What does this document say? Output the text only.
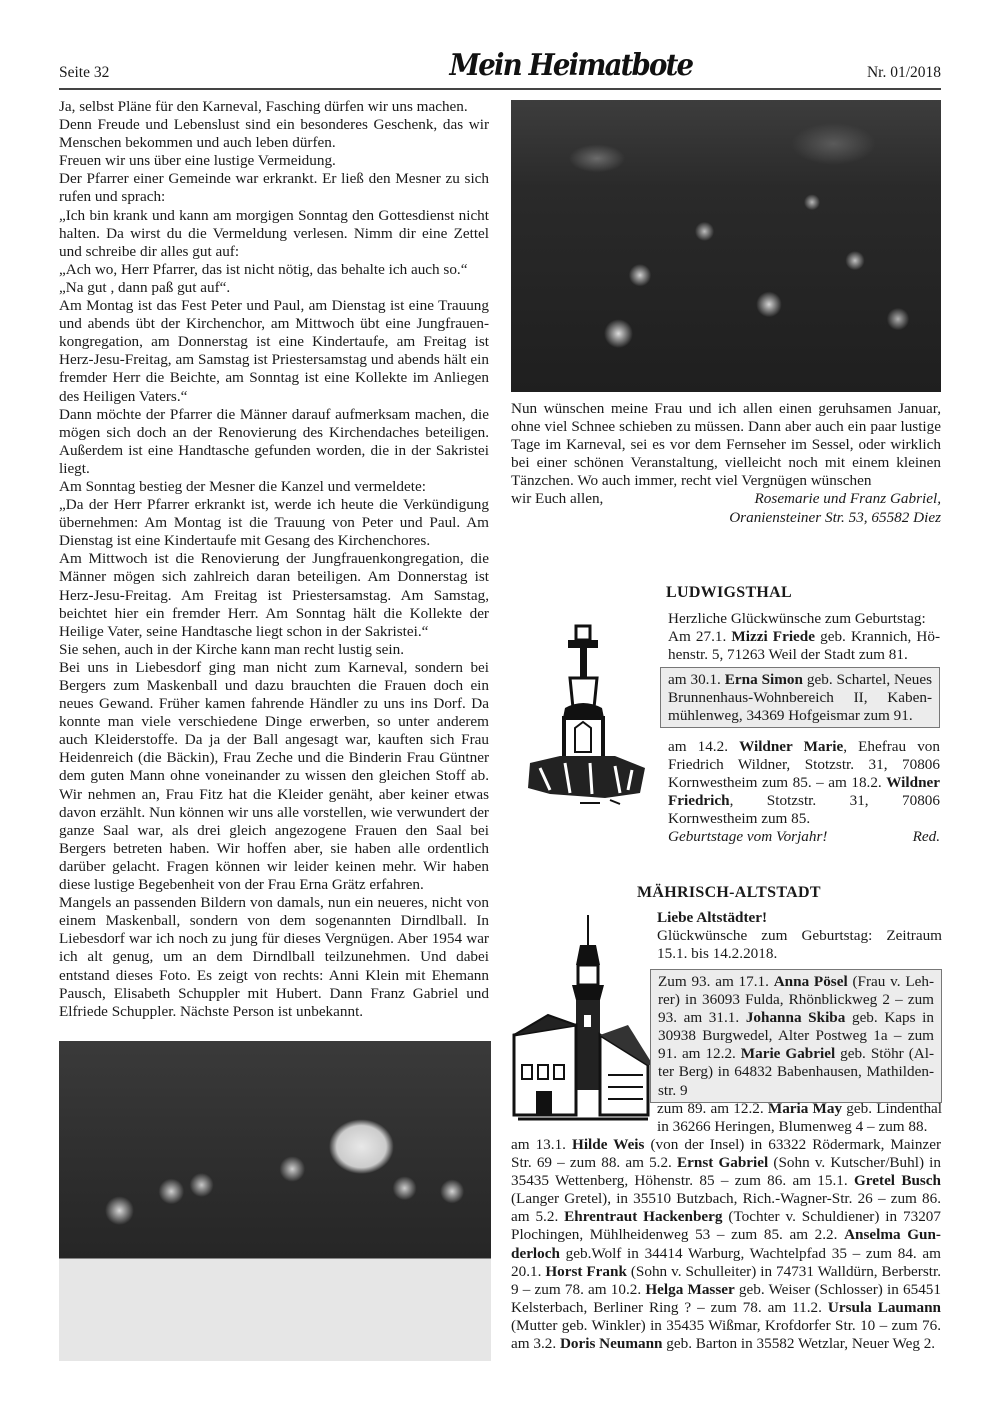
Seite 32	Mein Heimatbote	Nr. 01/2018

Ja, selbst Pläne für den Karneval, Fasching dürfen wir uns machen.

Denn Freude und Lebenslust sind ein besonderes Geschenk, das wir Menschen bekommen und auch leben dürfen.

Freuen wir uns über eine lustige Vermeidung.

Der Pfarrer einer Gemeinde war erkrankt. Er ließ den Mesner zu sich rufen und sprach:

„Ich bin krank und kann am morgigen Sonntag den Gottesdienst nicht halten. Da wirst du die Vermeldung verlesen. Nimm dir eine Zettel und schreibe dir alles gut auf:

„Ach wo, Herr Pfarrer, das ist nicht nötig, das behalte ich auch so.“

„Na gut , dann paß gut auf“.

Am Montag ist das Fest Peter und Paul, am Dienstag ist eine Trauung und abends übt der Kirchenchor, am Mittwoch übt eine Jungfrauenkongregation, am Donnerstag ist eine Kindertaufe, am Freitag ist Herz-Jesu-Freitag, am Samstag ist Priestersamstag und abends hält ein fremder Herr die Beichte, am Sonntag ist eine Kollekte im Anliegen des Heiligen Vaters.“

Dann möchte der Pfarrer die Männer darauf aufmerksam machen, die mögen sich doch an der Renovierung des Kirchendaches beteiligen. Außerdem ist eine Handtasche gefunden worden, die in der Sakristei liegt.

Am Sonntag bestieg der Mesner die Kanzel und vermeldete:

„Da der Herr Pfarrer erkrankt ist, werde ich heute die Verkündigung übernehmen: Am Montag ist die Trauung von Peter und Paul. Am Dienstag ist eine Kindertaufe mit Gesang des Kirchenchores.

Am Mittwoch ist die Renovierung der Jungfrauenkongregation, die Männer mögen sich zahlreich daran beteiligen. Am Donnerstag ist Herz-Jesu-Freitag. Am Freitag ist Priestersamstag. Am Samstag, beichtet hier ein fremder Herr. Am Sonntag hält die Kollekte der Heilige Vater, seine Handtasche liegt schon in der Sakristei.“

Sie sehen, auch in der Kirche kann man recht lustig sein.

Bei uns in Liebesdorf ging man nicht zum Karneval, sondern bei Bergers zum Maskenball und dazu brauchten die Frauen doch ein neues Gewand. Früher kamen fahrende Händler zu uns ins Dorf. Da konnte man viele verschiedene Dinge erwerben, so unter anderem auch Kleiderstoffe. Da ja der Ball angesagt war, kauften sich Frau Heidenreich (die Bäckin), Frau Zeche und die Binderin Frau Güntner dem guten Mann ohne voneinander zu wissen den gleichen Stoff ab. Wir nehmen an, Frau Fitz hat die Kleider genäht, aber keiner etwas davon erzählt. Nun können wir uns alle vorstellen, wie verwundert der ganze Saal war, als drei gleich angezogene Frauen den Saal bei Bergers betreten haben. Wir hoffen aber, sie haben alle ordentlich darüber gelacht. Fragen können wir leider keinen mehr. Wir haben diese lustige Begebenheit von der Frau Erna Grätz erfahren.

Mangels an passenden Bildern von damals, nun ein neueres, nicht von einem Maskenball, sondern von dem sogenannten Dirndlball. In Liebesdorf war ich noch zu jung für dieses Vergnügen. Aber 1954 war ich alt genug, um an dem Dirndlball teilzunehmen. Und dabei entstand dieses Foto. Es zeigt von rechts: Anni Klein mit Ehemann Pausch, Elisabeth Schuppler mit Hubert. Dann Franz Gabriel und Elfriede Schuppler. Nächste Person ist unbekannt.

Nun wünschen meine Frau und ich allen einen geruhsamen Januar, ohne viel Schnee schieben zu müssen. Dann aber auch ein paar lustige Tage im Karneval, sei es vor dem Fernseher im Sessel, oder wirklich bei einer schönen Veranstaltung, vielleicht noch mit einem kleinen Tänzchen. Wo auch immer, recht viel Vergnügen wünschen

wir Euch allen,	Rosemarie und Franz Gabriel,

Oraniensteiner Str. 53, 65582 Diez

LUDWIGSTHAL

Herzliche Glückwünsche zum Geburtstag:
Am 27.1. Mizzi Friede geb. Krannich, Höhenstr. 5, 71263 Weil der Stadt zum 81.

am 30.1. Erna Simon geb. Schartel, Neues Brunnenhaus-Wohnbereich II, Kabenmühlenweg, 34369 Hofgeismar zum 91.

am 14.2. Wildner Marie, Ehefrau von Friedrich Wildner, Stotzstr. 31, 70806 Kornwestheim zum 85. – am 18.2. Wildner Friedrich, Stotzstr. 31, 70806 Kornwestheim zum 85.

Geburtstage vom Vorjahr!	Red.
MÄHRISCH-ALTSTADT

Liebe Altstädter!
Glückwünsche zum Geburtstag: Zeitraum 15.1. bis 14.2.2018.

Zum 93. am 17.1. Anna Pösel (Frau v. Lehrer) in 36093 Fulda, Rhönblickweg 2 – zum 93. am 31.1. Johanna Skiba geb. Kaps in 30938 Burgwedel, Alter Postweg 1a – zum 91. am 12.2. Marie Gabriel geb. Stöhr (Alter Berg) in 64832 Babenhausen, Mathildenstr. 9

zum 89. am 12.2. Maria May geb. Lindenthal in 36266 Heringen, Blumenweg 4 – zum 88.

am 13.1. Hilde Weis (von der Insel) in 63322 Rödermark, Mainzer Str. 69 – zum 88. am 5.2. Ernst Gabriel (Sohn v. Kutscher/Buhl) in 35435 Wettenberg, Höhenstr. 85 – zum 86. am 15.1. Gretel Busch (Langer Gretel), in 35510 Butzbach, Rich.-Wagner-Str. 26 – zum 86. am 5.2. Ehrentraut Hackenberg (Tochter v. Schuldiener) in 73207 Plochingen, Mühlheidenweg 53 – zum 85. am 2.2. Anselma Gunderloch geb.Wolf in 34414 Warburg, Wachtelpfad 35 – zum 84. am 20.1. Horst Frank (Sohn v. Schulleiter) in 74731 Walldürn, Berberstr. 9 – zum 78. am 10.2. Helga Masser geb. Weiser (Schlosser) in 65451 Kelsterbach, Berliner Ring ? – zum 78. am 11.2. Ursula Laumann (Mutter geb. Winkler) in 35435 Wißmar, Krofdorfer Str. 10 – zum 76. am 3.2. Doris Neumann geb. Barton in 35582 Wetzlar, Neuer Weg 2.
